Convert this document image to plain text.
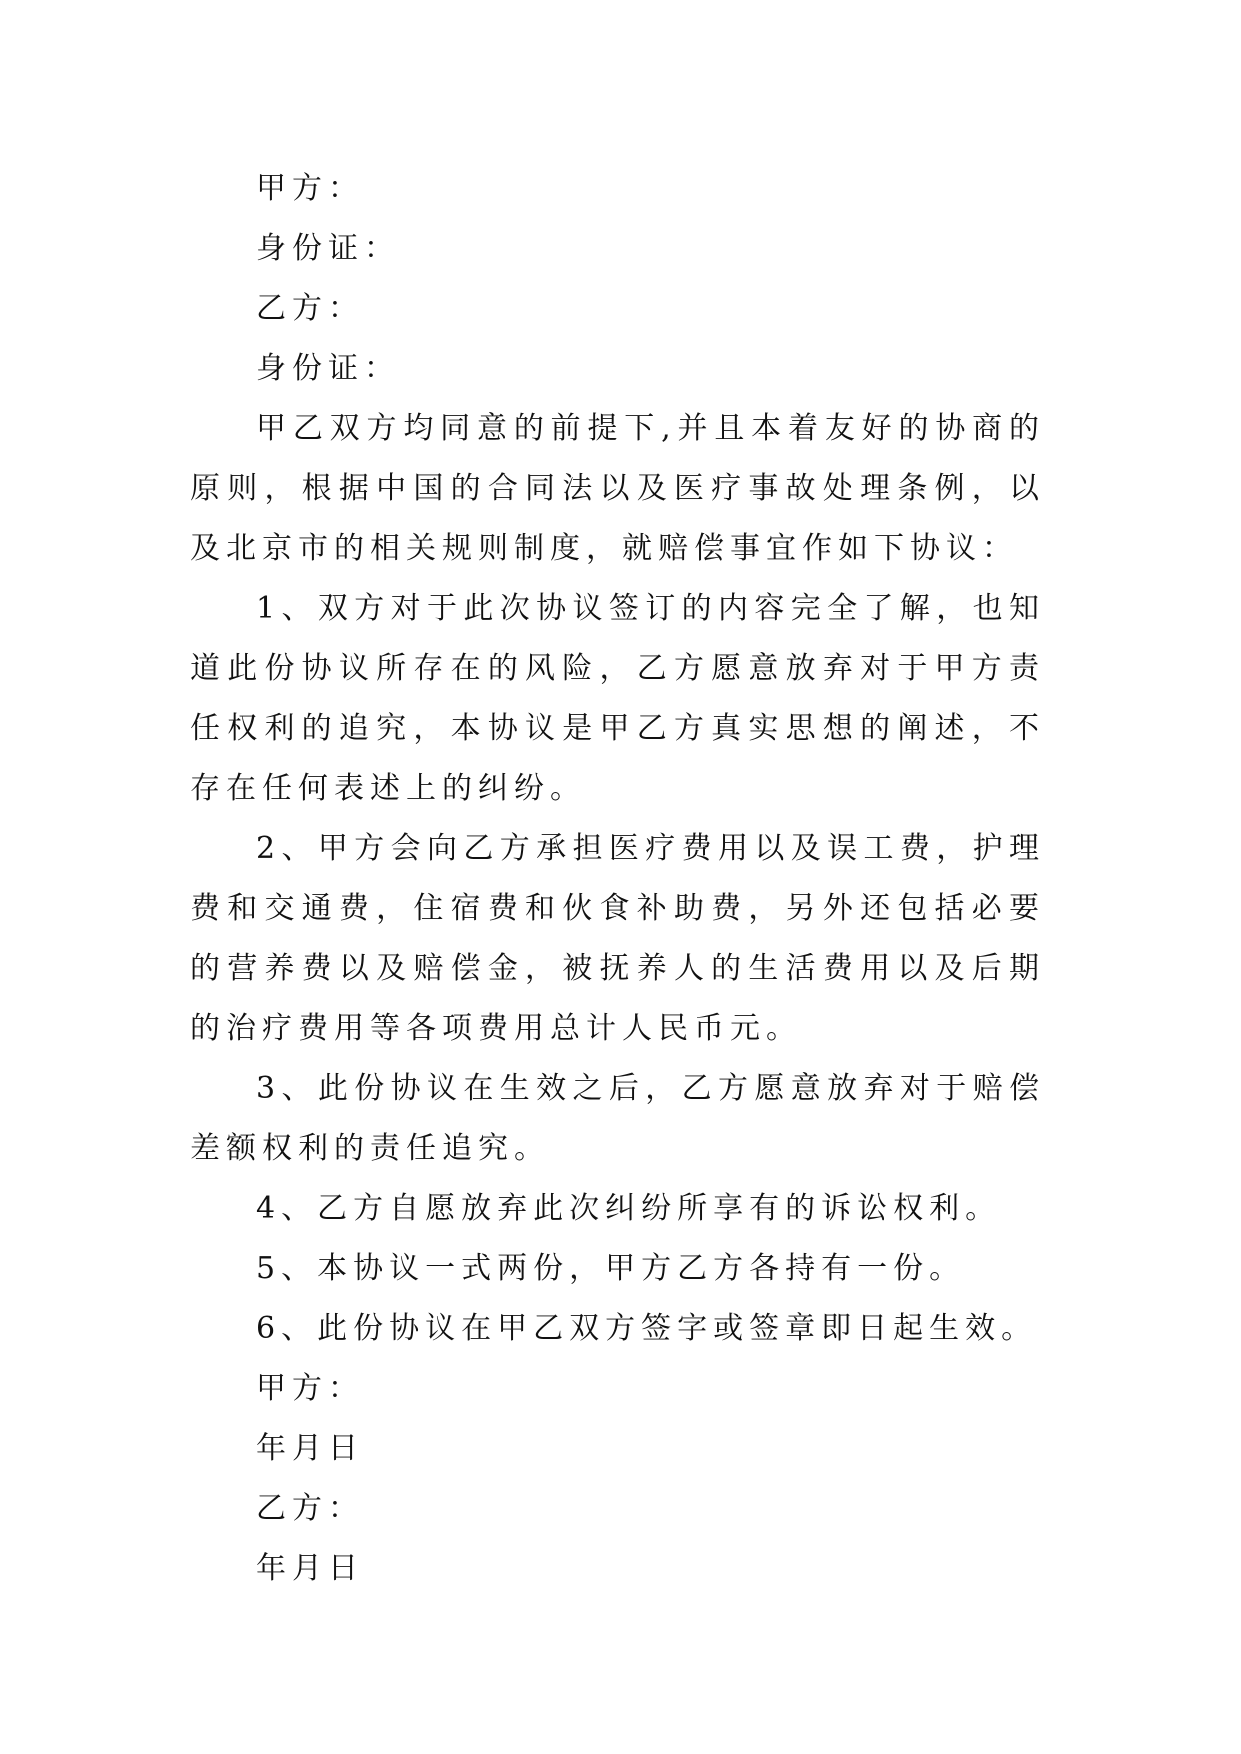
甲方：
身份证：
乙方：
身份证：

甲乙双方均同意的前提下,并且本着友好的协商的原则，根据中国的合同法以及医疗事故处理条例，以及北京市的相关规则制度，就赔偿事宜作如下协议：

1、双方对于此次协议签订的内容完全了解，也知道此份协议所存在的风险，乙方愿意放弃对于甲方责任权利的追究，本协议是甲乙方真实思想的阐述，不存在任何表述上的纠纷。

2、甲方会向乙方承担医疗费用以及误工费，护理费和交通费，住宿费和伙食补助费，另外还包括必要的营养费以及赔偿金，被抚养人的生活费用以及后期的治疗费用等各项费用总计人民币元。

3、此份协议在生效之后，乙方愿意放弃对于赔偿差额权利的责任追究。

4、乙方自愿放弃此次纠纷所享有的诉讼权利。

5、本协议一式两份，甲方乙方各持有一份。

6、此份协议在甲乙双方签字或签章即日起生效。

甲方：
年月日
乙方：
年月日
